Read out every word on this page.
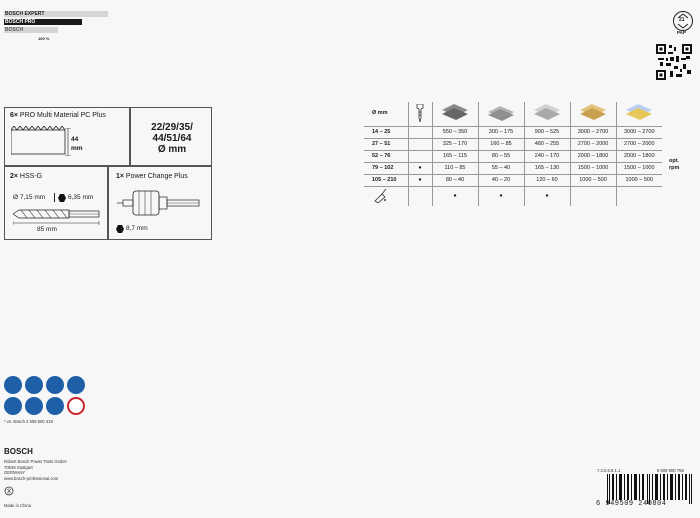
BOSCH EXPERT
BOSCH PRO
BOSCH
100 %
21
PAP
6× PRO Multi Material PC Plus
44
mm
22/29/35/
44/51/64
Ø mm
2× HSS-G
Ø 7,15 mm	6,35 mm
85 mm
1× Power Change Plus
8,7 mm
Ø mm						
14 – 25		550 – 350	300 – 175	900 – 525	3000 – 2700	3000 – 2700
27 – 51		325 – 170	160 – 85	480 – 255	2700 – 2000	2700 – 2000
52 – 76		165 – 115	80 – 55	240 – 170	2000 – 1800	2000 – 1800
79 – 102	●	110 – 85	55 – 40	165 – 130	1500 – 1000	1500 – 1000
105 – 210	●	80 – 40	40 – 20	120 – 60	1000 – 500	1000 – 500
		●	●	●		
opt.
rpm
* vs. Bosch 2 608 580 419
BOSCH
Robert Bosch Power Tools GmbH
70538 Stuttgart
GERMANY
www.bosch-professional.com
Made in China
7.3.0.6.8.1.1	8 608 900 758
6 949509 240804
